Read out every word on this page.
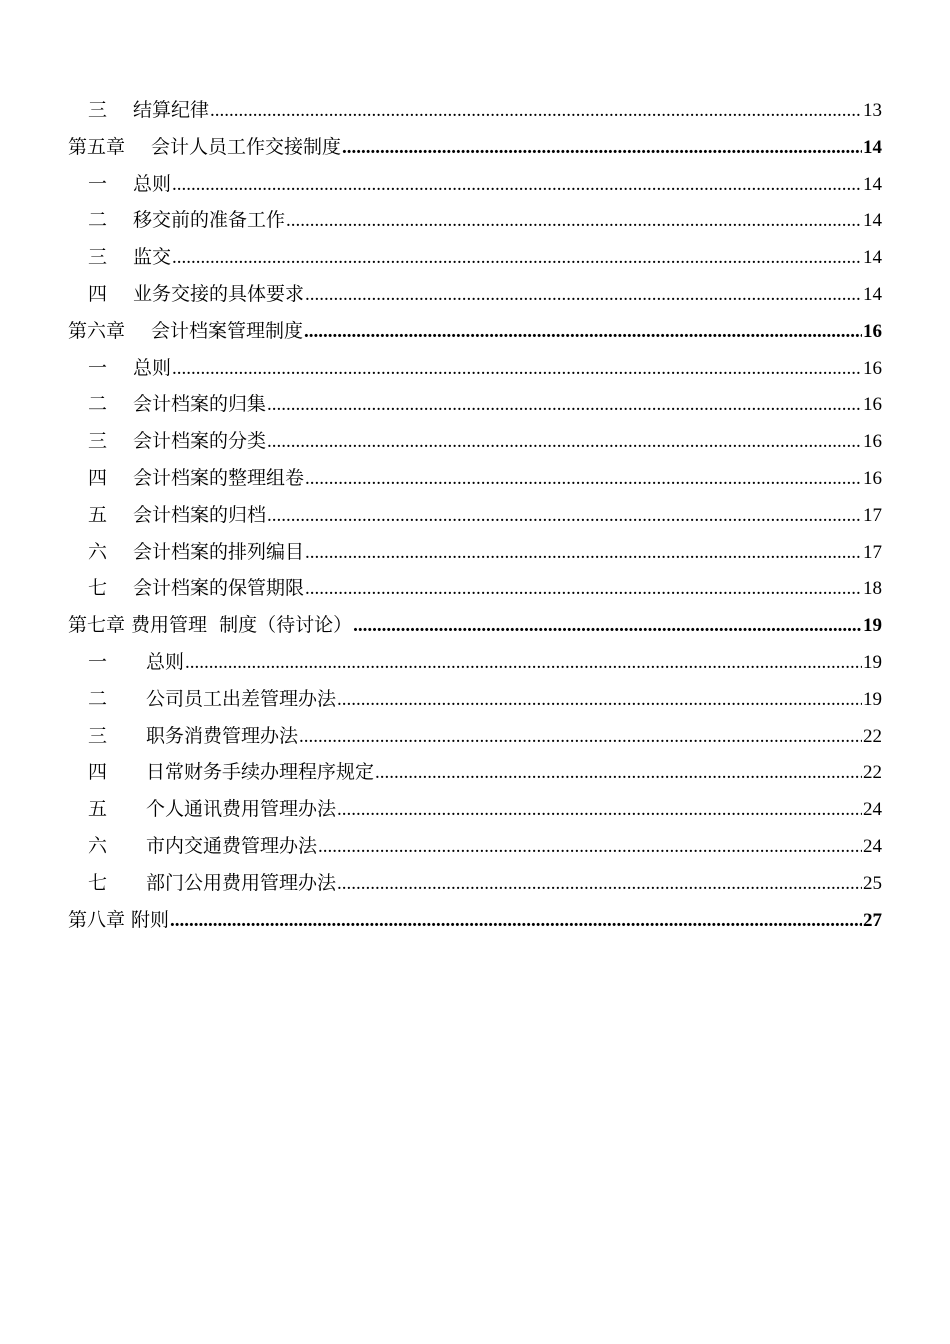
三	结算纪律 .....	13
第五章 会计人员工作交接制度 .....	14
一	总则 .....	14
二	移交前的准备工作 .....	14
三	监交 .....	14
四	业务交接的具体要求 .....	14
第六章 会计档案管理制度 .....	16
一	总则 .....	16
二	会计档案的归集 .....	16
三	会计档案的分类 .....	16
四	会计档案的整理组卷 .....	16
五	会计档案的归档 .....	17
六	会计档案的排列编目 .....	17
七	会计档案的保管期限 .....	18
第七章 费用管理  制度（待讨论） .....	19
一	总则 .....	19
二	公司员工出差管理办法 .....	19
三	职务消费管理办法 .....	22
四	日常财务手续办理程序规定 .....	22
五	个人通讯费用管理办法 .....	24
六	市内交通费管理办法 .....	24
七	部门公用费用管理办法 .....	25
第八章 附则 .....	27
